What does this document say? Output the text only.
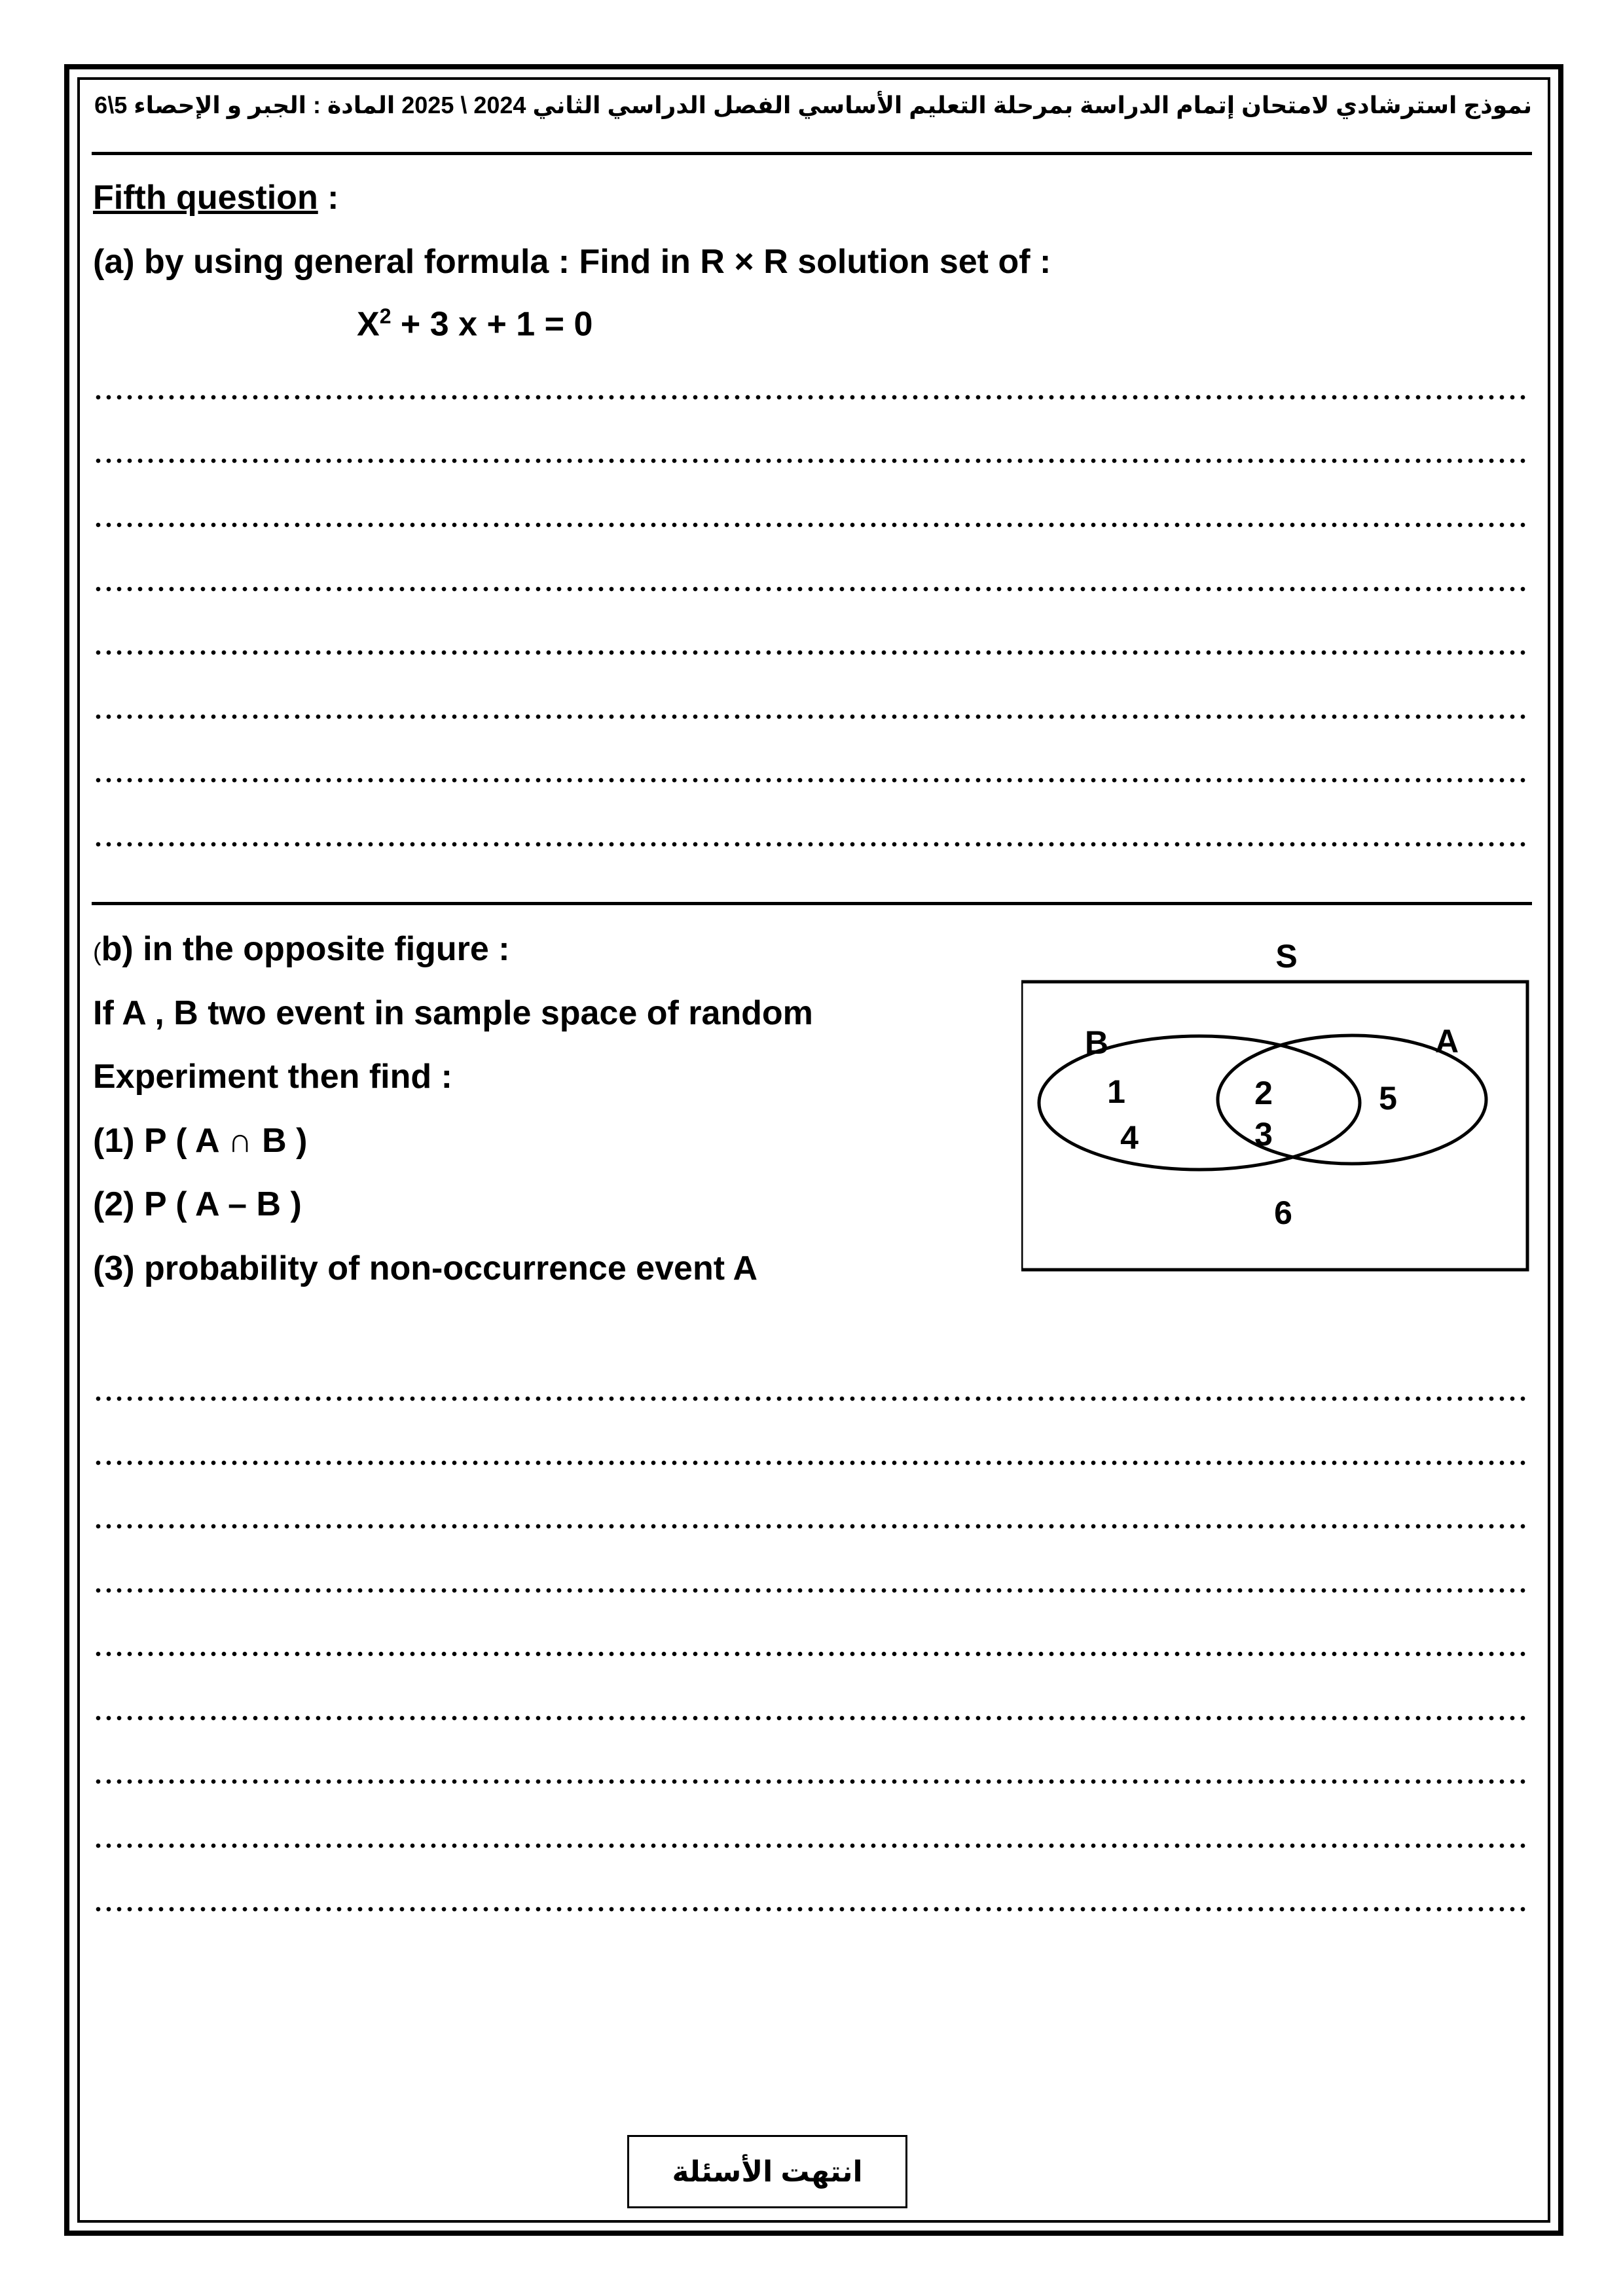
نموذج استرشادي لامتحان إتمام الدراسة بمرحلة التعليم الأساسي الفصل الدراسي الثاني 2024 \ 2025 المادة : الجبر و الإحصاء 5\6
Fifth question :
(a) by using general formula : Find in R × R solution set of :
$X^2 + 3$ x + 1 = 0
(b) in the opposite figure :
If A , B two event in sample space of random
Experiment then find :
(1) P ( A ∩ B )
(2) P ( A – B )
(3) probability of non-occurrence event A
S
B	A
1
4
2
3
5
6
انتهت الأسئلة
